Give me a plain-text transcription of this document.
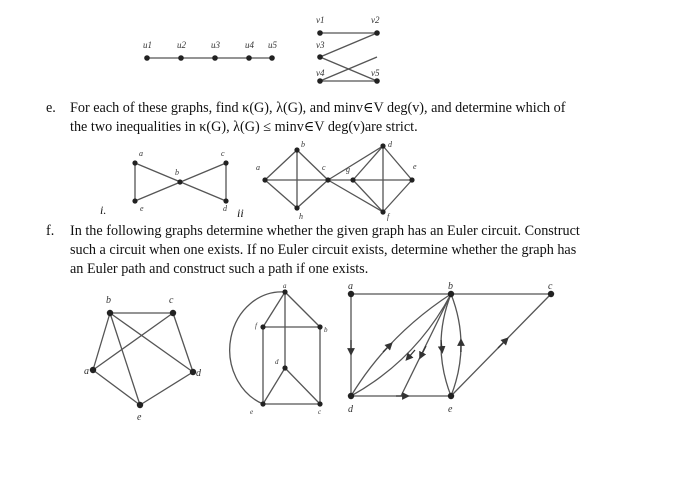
u1	u2	u3	u4 u5
v1	v2
v3
v4	v5
e. For each of these graphs, find κ(G), λ(G), and minv∈V deg(v), and determine which of
the two inequalities in κ(G), λ(G) ≤ minv∈V deg(v)are strict.
a
b
c
d
e
i.
a
b
c
d
e
f
g
h
ii
f. In the following graphs determine whether the given graph has an Euler circuit. Construct
such a circuit when one exists. If no Euler circuit exists, determine whether the graph has
an Euler path and construct such a path if one exists.
a
b	c
d
e
a
b
c
d
e
f
a	b	c
d	e
